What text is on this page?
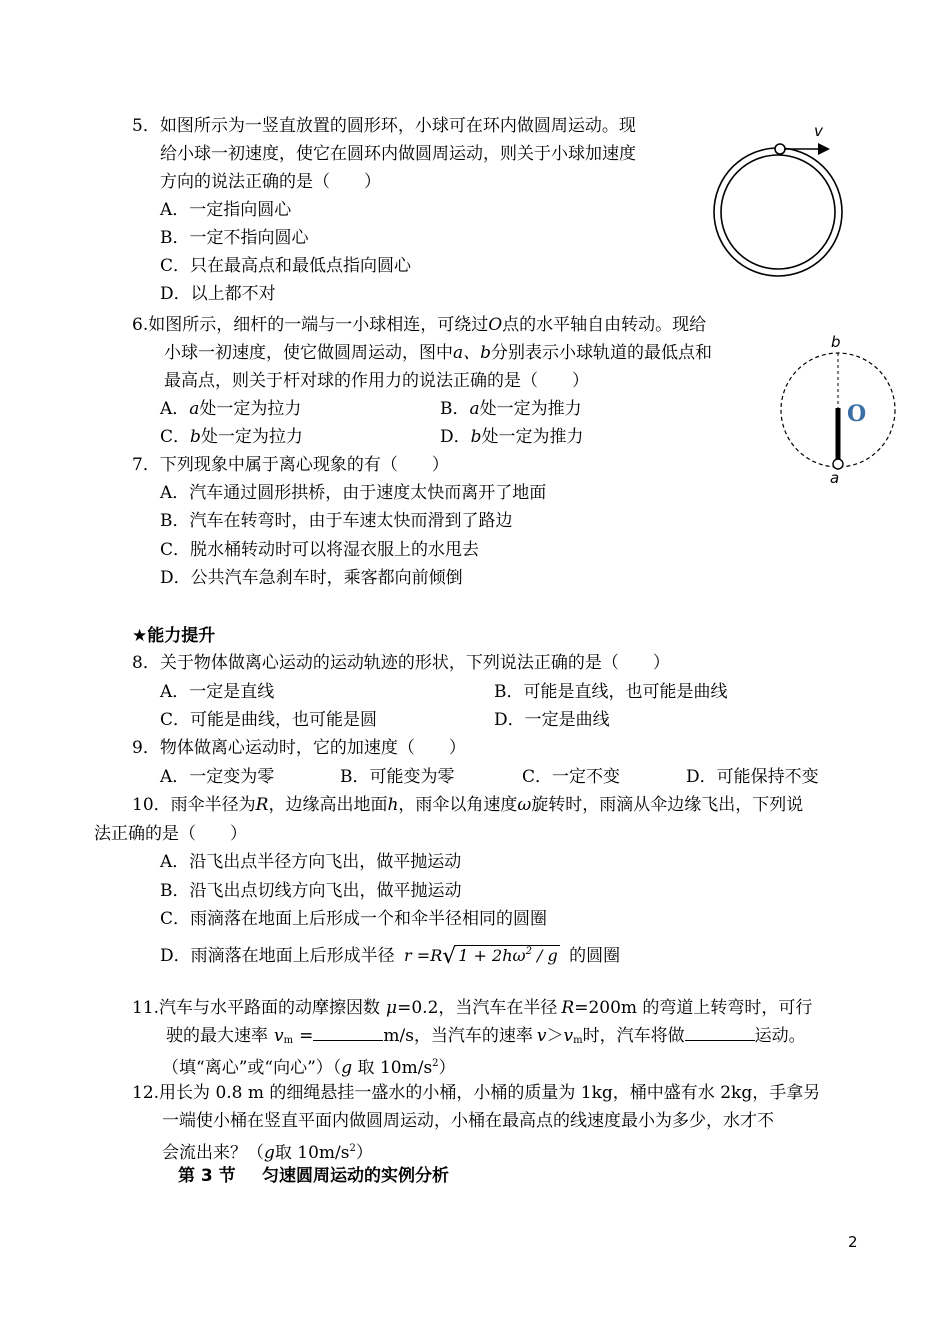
5．如图所示为一竖直放置的圆形环，小球可在环内做圆周运动。现
给小球一初速度，使它在圆环内做圆周运动，则关于小球加速度
方向的说法正确的是（　　）
A．一定指向圆心
B．一定不指向圆心
C．只在最高点和最低点指向圆心
D．以上都不对
v
6.如图所示，细杆的一端与一小球相连，可绕过O点的水平轴自由转动。现给
小球一初速度，使它做圆周运动，图中a、b分别表示小球轨道的最低点和
最高点，则关于杆对球的作用力的说法正确的是（　　）
A．a处一定为拉力	B．a处一定为推力
C．b处一定为拉力	D．b处一定为推力
b
O
a
7．下列现象中属于离心现象的有（　　）
A．汽车通过圆形拱桥，由于速度太快而离开了地面
B．汽车在转弯时，由于车速太快而滑到了路边
C．脱水桶转动时可以将湿衣服上的水甩去
D．公共汽车急刹车时，乘客都向前倾倒
★能力提升
8．关于物体做离心运动的运动轨迹的形状，下列说法正确的是（　　）
A．一定是直线	B．可能是直线，也可能是曲线
C．可能是曲线，也可能是圆	D．一定是曲线
9．物体做离心运动时，它的加速度（　　）
A．一定变为零	B．可能变为零	C．一定不变	D．可能保持不变
10．雨伞半径为R，边缘高出地面h，雨伞以角速度ω旋转时，雨滴从伞边缘飞出，下列说
法正确的是（　　）
A．沿飞出点半径方向飞出，做平抛运动
B．沿飞出点切线方向飞出，做平抛运动
C．雨滴落在地面上后形成一个和伞半径相同的圆圈
D．雨滴落在地面上后形成半径 r =R√ $1 + 2h\omega^2 / g$ 的圆圈
11.汽车与水平路面的动摩擦因数 μ=0.2，当汽车在半径 R=200m 的弯道上转弯时，可行
驶的最大速率 $v_m$ =	m/s，当汽车的速率 $v>v_m$时，汽车将做	运动。
（填“离心”或“向心”）（g 取 $10m/s^2$）
12.用长为 0.8 m 的细绳悬挂一盛水的小桶，小桶的质量为 1kg，桶中盛有水 2kg，手拿另
一端使小桶在竖直平面内做圆周运动，小桶在最高点的线速度最小为多少，水才不
会流出来？（g取 $10m/s^2$）
第 3 节 匀速圆周运动的实例分析
2
